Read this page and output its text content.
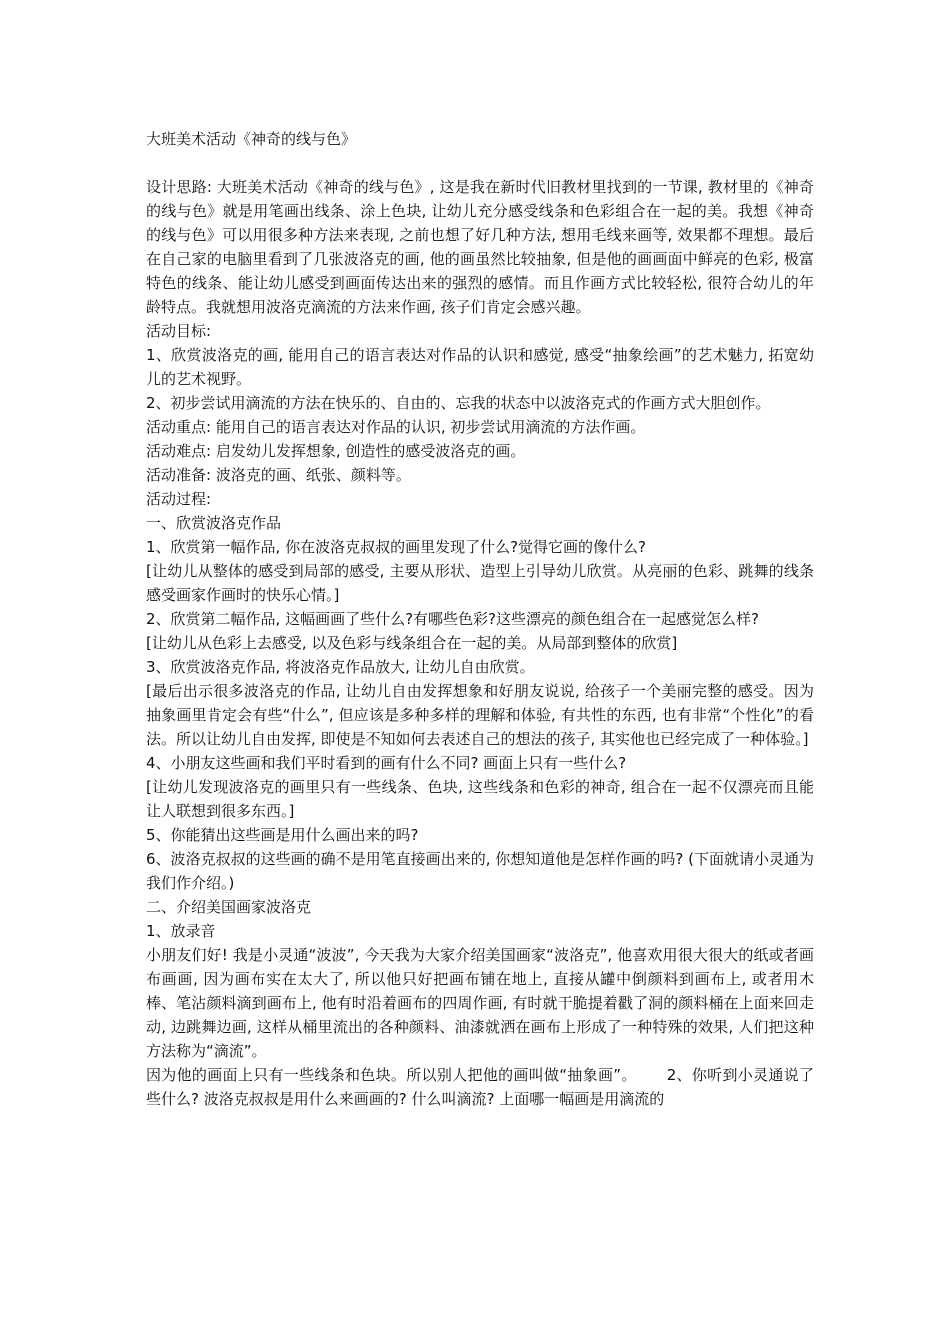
大班美术活动《神奇的线与色》

设计思路: 大班美术活动《神奇的线与色》, 这是我在新时代旧教材里找到的一节课, 教材里的《神奇的线与色》就是用笔画出线条、涂上色块, 让幼儿充分感受线条和色彩组合在一起的美。我想《神奇的线与色》可以用很多种方法来表现, 之前也想了好几种方法, 想用毛线来画等, 效果都不理想。最后在自己家的电脑里看到了几张波洛克的画, 他的画虽然比较抽象, 但是他的画画面中鲜亮的色彩, 极富特色的线条、能让幼儿感受到画面传达出来的强烈的感情。而且作画方式比较轻松, 很符合幼儿的年龄特点。我就想用波洛克滴流的方法来作画, 孩子们肯定会感兴趣。

活动目标:

1、欣赏波洛克的画, 能用自己的语言表达对作品的认识和感觉, 感受“抽象绘画”的艺术魅力, 拓宽幼儿的艺术视野。

2、初步尝试用滴流的方法在快乐的、自由的、忘我的状态中以波洛克式的作画方式大胆创作。

活动重点: 能用自己的语言表达对作品的认识, 初步尝试用滴流的方法作画。

活动难点: 启发幼儿发挥想象, 创造性的感受波洛克的画。

活动准备: 波洛克的画、纸张、颜料等。

活动过程:

一、欣赏波洛克作品

1、欣赏第一幅作品, 你在波洛克叔叔的画里发现了什么?觉得它画的像什么?

[让幼儿从整体的感受到局部的感受, 主要从形状、造型上引导幼儿欣赏。从亮丽的色彩、跳舞的线条感受画家作画时的快乐心情。]

2、欣赏第二幅作品, 这幅画画了些什么?有哪些色彩?这些漂亮的颜色组合在一起感觉怎么样?

[让幼儿从色彩上去感受, 以及色彩与线条组合在一起的美。从局部到整体的欣赏]

3、欣赏波洛克作品, 将波洛克作品放大, 让幼儿自由欣赏。

[最后出示很多波洛克的作品, 让幼儿自由发挥想象和好朋友说说, 给孩子一个美丽完整的感受。因为抽象画里肯定会有些“什么”, 但应该是多种多样的理解和体验, 有共性的东西, 也有非常“个性化”的看法。所以让幼儿自由发挥, 即使是不知如何去表述自己的想法的孩子, 其实他也已经完成了一种体验。]

4、小朋友这些画和我们平时看到的画有什么不同? 画面上只有一些什么?

[让幼儿发现波洛克的画里只有一些线条、色块, 这些线条和色彩的神奇, 组合在一起不仅漂亮而且能让人联想到很多东西。]

5、你能猜出这些画是用什么画出来的吗?

6、波洛克叔叔的这些画的确不是用笔直接画出来的, 你想知道他是怎样作画的吗? (下面就请小灵通为我们作介绍。)

二、介绍美国画家波洛克

1、放录音

小朋友们好! 我是小灵通“波波”, 今天我为大家介绍美国画家“波洛克”, 他喜欢用很大很大的纸或者画布画画, 因为画布实在太大了, 所以他只好把画布铺在地上, 直接从罐中倒颜料到画布上, 或者用木棒、笔沾颜料滴到画布上, 他有时沿着画布的四周作画, 有时就干脆提着戳了洞的颜料桶在上面来回走动, 边跳舞边画, 这样从桶里流出的各种颜料、油漆就洒在画布上形成了一种特殊的效果, 人们把这种方法称为“滴流”。

因为他的画面上只有一些线条和色块。所以别人把他的画叫做“抽象画”。 2、你听到小灵通说了些什么? 波洛克叔叔是用什么来画画的? 什么叫滴流? 上面哪一幅画是用滴流的
